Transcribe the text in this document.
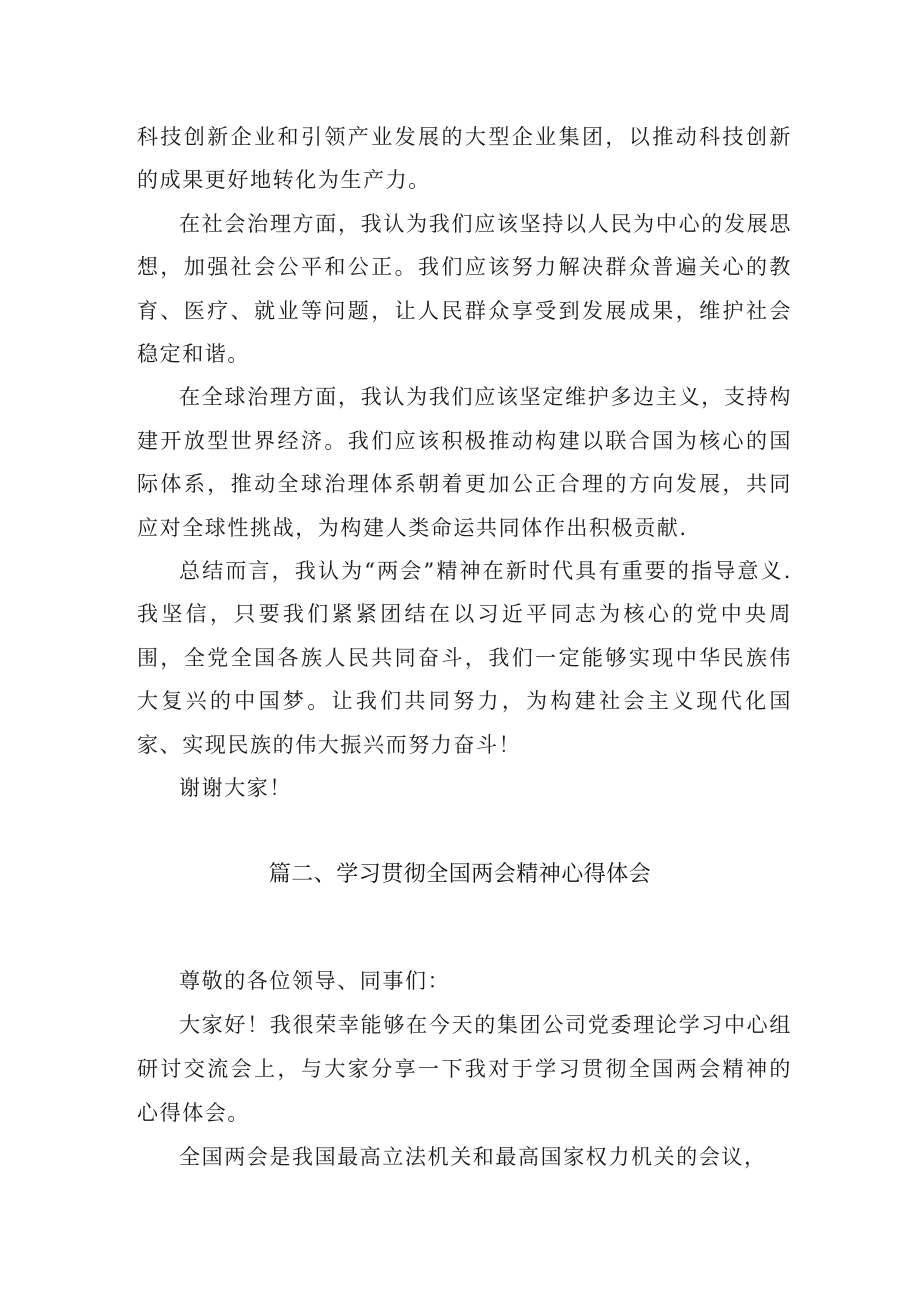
科技创新企业和引领产业发展的大型企业集团，以推动科技创新的成果更好地转化为生产力。

在社会治理方面，我认为我们应该坚持以人民为中心的发展思想，加强社会公平和公正。我们应该努力解决群众普遍关心的教育、医疗、就业等问题，让人民群众享受到发展成果，维护社会稳定和谐。

在全球治理方面，我认为我们应该坚定维护多边主义，支持构建开放型世界经济。我们应该积极推动构建以联合国为核心的国际体系，推动全球治理体系朝着更加公正合理的方向发展，共同应对全球性挑战，为构建人类命运共同体作出积极贡献.

总结而言，我认为“两会”精神在新时代具有重要的指导意义.我坚信，只要我们紧紧团结在以习近平同志为核心的党中央周围，全党全国各族人民共同奋斗，我们一定能够实现中华民族伟大复兴的中国梦。让我们共同努力，为构建社会主义现代化国家、实现民族的伟大振兴而努力奋斗！

谢谢大家！

篇二、学习贯彻全国两会精神心得体会

尊敬的各位领导、同事们：

大家好！我很荣幸能够在今天的集团公司党委理论学习中心组研讨交流会上，与大家分享一下我对于学习贯彻全国两会精神的心得体会。

全国两会是我国最高立法机关和最高国家权力机关的会议，
